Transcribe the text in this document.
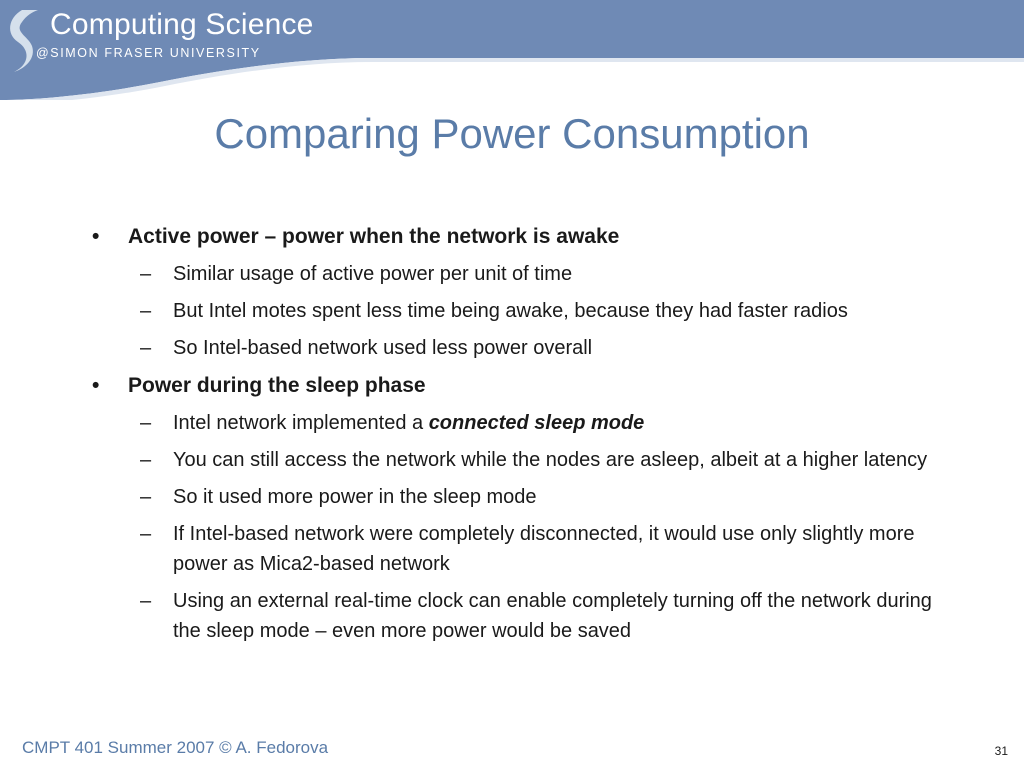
Computing Science
@SIMON FRASER UNIVERSITY
Comparing Power Consumption
• Active power – power when the network is awake
– Similar usage of active power per unit of time
– But Intel motes spent less time being awake, because they had faster radios
– So Intel-based network used less power overall
• Power during the sleep phase
– Intel network implemented a connected sleep mode
– You can still access the network while the nodes are asleep, albeit at a higher latency
– So it used more power in the sleep mode
– If Intel-based network were completely disconnected, it would use only slightly more power as Mica2-based network
– Using an external real-time clock can enable completely turning off the network during the sleep mode – even more power would be saved
CMPT 401 Summer 2007 © A. Fedorova	31
